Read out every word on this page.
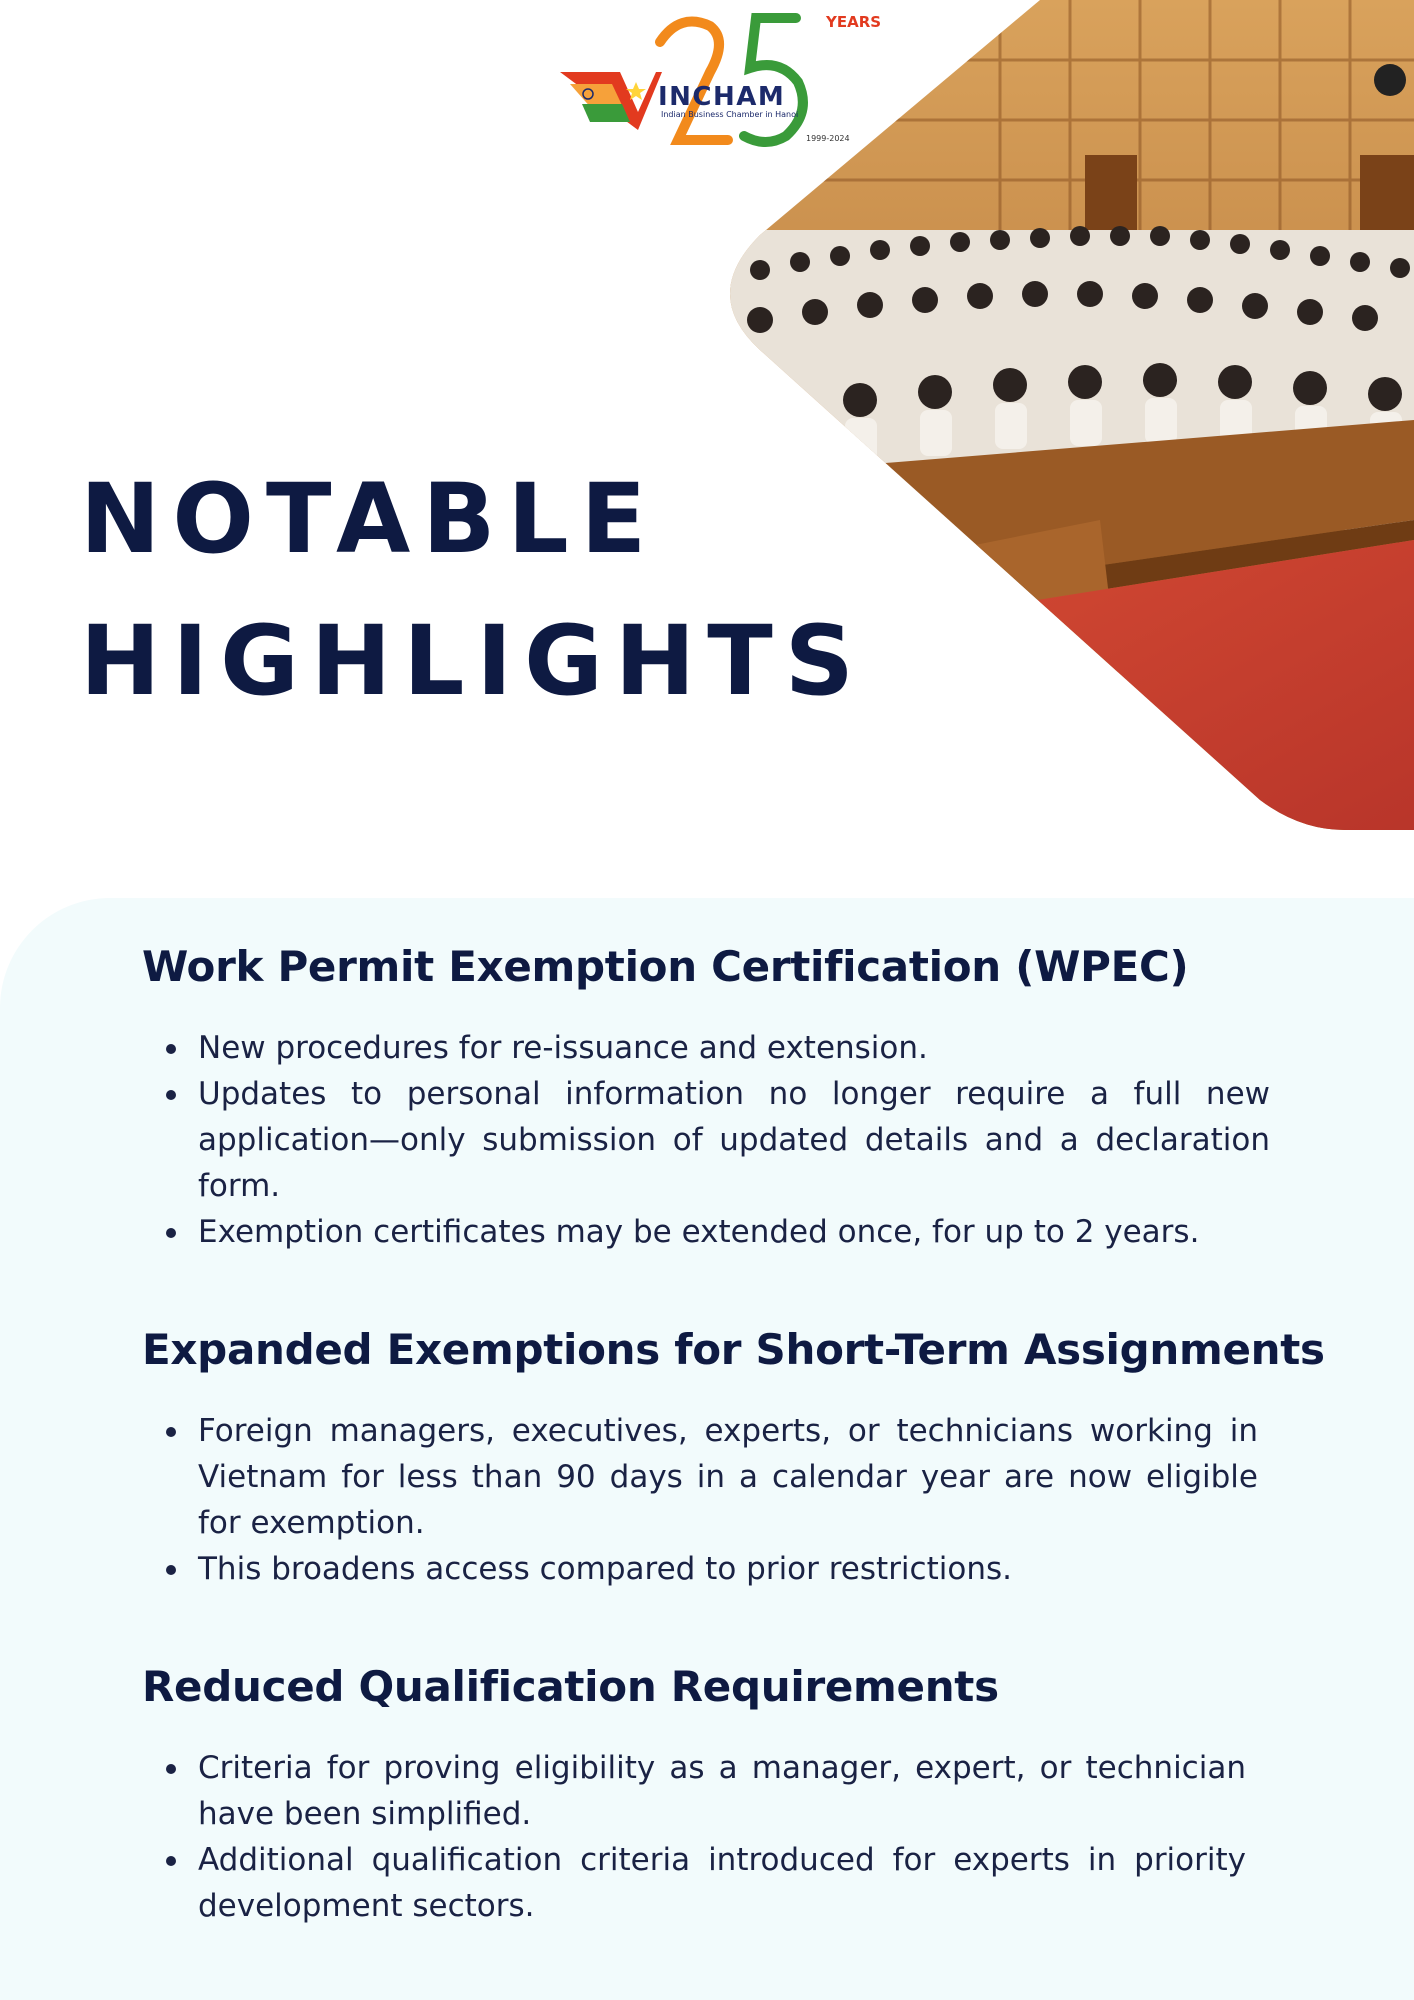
INCHAM
Indian Business Chamber in Hanoi
YEARS
1999-2024
NOTABLE
HIGHLIGHTS
Work Permit Exemption Certification (WPEC)
New procedures for re-issuance and extension.
Updates to personal information no longer require a full new application—only submission of updated details and a declaration form.
Exemption certificates may be extended once, for up to 2 years.
Expanded Exemptions for Short-Term Assignments
Foreign managers, executives, experts, or technicians working in Vietnam for less than 90 days in a calendar year are now eligible for exemption.
This broadens access compared to prior restrictions.
Reduced Qualification Requirements
Criteria for proving eligibility as a manager, expert, or technician have been simplified.
Additional qualification criteria introduced for experts in priority development sectors.
